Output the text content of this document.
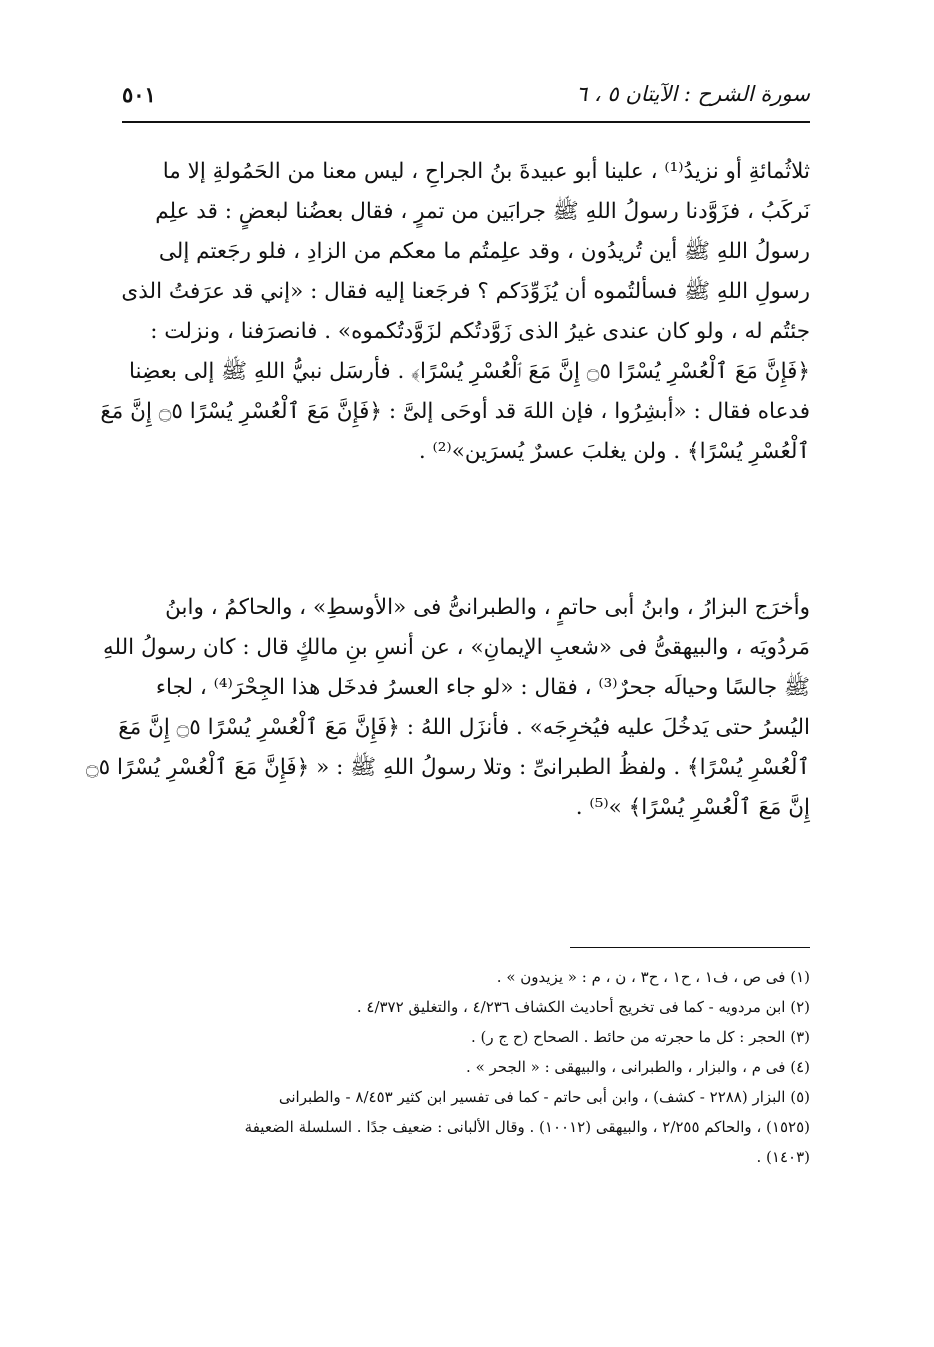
سورة الشرح : الآيتان ٥ ، ٦
٥٠١
ثلاثُمائةِ أو نزيدُ⁽¹⁾ ، علينا أبو عبيدةَ بنُ الجراحِ ، ليس معنا من الحَمُولةِ إلا ما
نَركَبُ ، فزَوَّدنا رسولُ اللهِ ﷺ جرابَين من تمرٍ ، فقال بعضُنا لبعضٍ : قد علِم
رسولُ اللهِ ﷺ أين تُريدُون ، وقد علِمتُم ما معكم من الزادِ ، فلو رجَعتم إلى
رسولِ اللهِ ﷺ فسألتُموه أن يُزَوِّدَكم ؟ فرجَعنا إليه فقال : «إني قد عرَفتُ الذى
جئتُم له ، ولو كان عندى غيرُ الذى زَوَّدتُكم لزَوَّدتُكموه» . فانصرَفنا ، ونزلت :
﴿فَإِنَّ مَعَ ٱلْعُسْرِ يُسْرًا ۝٥ إِنَّ مَعَ ٱلْعُسْرِ يُسْرًا﴾ . فأرسَل نبيُّ اللهِ ﷺ إلى بعضِنا
فدعاه فقال : «أبشِرُوا ، فإن اللهَ قد أوحَى إلىَّ : ﴿فَإِنَّ مَعَ ٱلْعُسْرِ يُسْرًا ۝٥ إِنَّ مَعَ
ٱلْعُسْرِ يُسْرًا﴾ . ولن يغلبَ عسرٌ يُسرَين»⁽²⁾ .
وأخرَج البزارُ ، وابنُ أبى حاتمٍ ، والطبرانىُّ فى «الأوسطِ» ، والحاكمُ ، وابنُ
مَردُويَه ، والبيهقىُّ فى «شعبِ الإيمانِ» ، عن أنسِ بنِ مالكٍ قال : كان رسولُ اللهِ
ﷺ جالسًا وحيالَه جحرٌ⁽³⁾ ، فقال : «لو جاء العسرُ فدخَل هذا الجِحْرَ⁽⁴⁾ ، لجاء
اليُسرُ حتى يَدخُلَ عليه فيُخرِجَه» . فأنزَل اللهُ : ﴿فَإِنَّ مَعَ ٱلْعُسْرِ يُسْرًا ۝٥ إِنَّ مَعَ
ٱلْعُسْرِ يُسْرًا﴾ . ولفظُ الطبرانىِّ : وتلا رسولُ اللهِ ﷺ : « ﴿فَإِنَّ مَعَ ٱلْعُسْرِ يُسْرًا ۝٥
إِنَّ مَعَ ٱلْعُسْرِ يُسْرًا﴾ »⁽⁵⁾ .
(١) فى ص ، ف١ ، ح١ ، ح٣ ، ن ، م : « يزيدون » .
(٢) ابن مردويه - كما فى تخريج أحاديث الكشاف ٤/٢٣٦ ، والتغليق ٤/٣٧٢ .
(٣) الحجر : كل ما حجرته من حائط . الصحاح (ح ج ر) .
(٤) فى م ، والبزار ، والطبرانى ، والبيهقى : « الجحر » .
(٥) البزار (٢٢٨٨ - كشف) ، وابن أبى حاتم - كما فى تفسير ابن كثير ٨/٤٥٣ - والطبرانى
(١٥٢٥) ، والحاكم ٢/٢٥٥ ، والبيهقى (١٠٠١٢) . وقال الألبانى : ضعيف جدًا . السلسلة الضعيفة
(١٤٠٣) .
